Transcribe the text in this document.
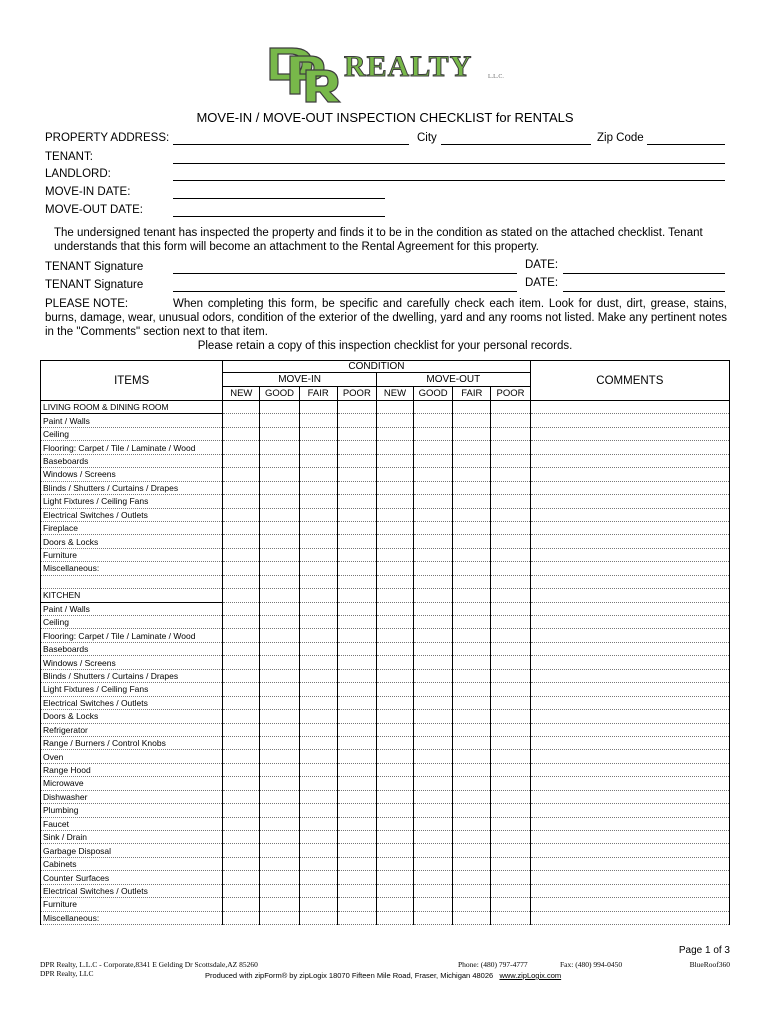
REALTY	L.L.C.
MOVE-IN / MOVE-OUT INSPECTION CHECKLIST for RENTALS
PROPERTY ADDRESS:	City	Zip Code
TENANT:
LANDLORD:
MOVE-IN DATE:
MOVE-OUT DATE:
The undersigned tenant has inspected the property and finds it to be in the condition as stated on the attached checklist. Tenant understands that this form will become an attachment to the Rental Agreement for this property.
TENANT Signature	DATE:
TENANT Signature	DATE:
PLEASE NOTE:	When completing this form, be specific and carefully check each item. Look for dust, dirt, grease, stains, burns, damage, wear, unusual odors, condition of the exterior of the dwelling, yard and any rooms not listed. Make any pertinent notes in the "Comments" section next to that item.
Please retain a copy of this inspection checklist for your personal records.
ITEMS	CONDITION								COMMENTS
	MOVE-IN				MOVE-OUT				
	NEW	GOOD	FAIR	POOR	NEW	GOOD	FAIR	POOR	
LIVING ROOM & DINING ROOM									
Paint / Walls									
Ceiling									
Flooring: Carpet / Tile / Laminate / Wood									
Baseboards									
Windows / Screens									
Blinds / Shutters / Curtains / Drapes									
Light Fixtures / Ceiling Fans									
Electrical Switches / Outlets									
Fireplace									
Doors & Locks									
Furniture									
Miscellaneous:									

KITCHEN									
Paint / Walls									
Ceiling									
Flooring: Carpet / Tile / Laminate / Wood									
Baseboards									
Windows / Screens									
Blinds / Shutters / Curtains / Drapes									
Light Fixtures / Ceiling Fans									
Electrical Switches / Outlets									
Doors & Locks									
Refrigerator									
Range / Burners / Control Knobs									
Oven									
Range Hood									
Microwave									
Dishwasher									
Plumbing									
Faucet									
Sink / Drain									
Garbage Disposal									
Cabinets									
Counter Surfaces									
Electrical Switches / Outlets									
Furniture									
Miscellaneous:									
Page 1 of 3
DPR Realty, L.L.C - Corporate,8341 E Gelding Dr Scottsdale,AZ 85260
DPR Realty, LLC
Phone: (480) 797-4777	Fax: (480) 994-0450	BlueRoof360
Produced with zipForm® by zipLogix 18070 Fifteen Mile Road, Fraser, Michigan 48026 www.zipLogix.com
